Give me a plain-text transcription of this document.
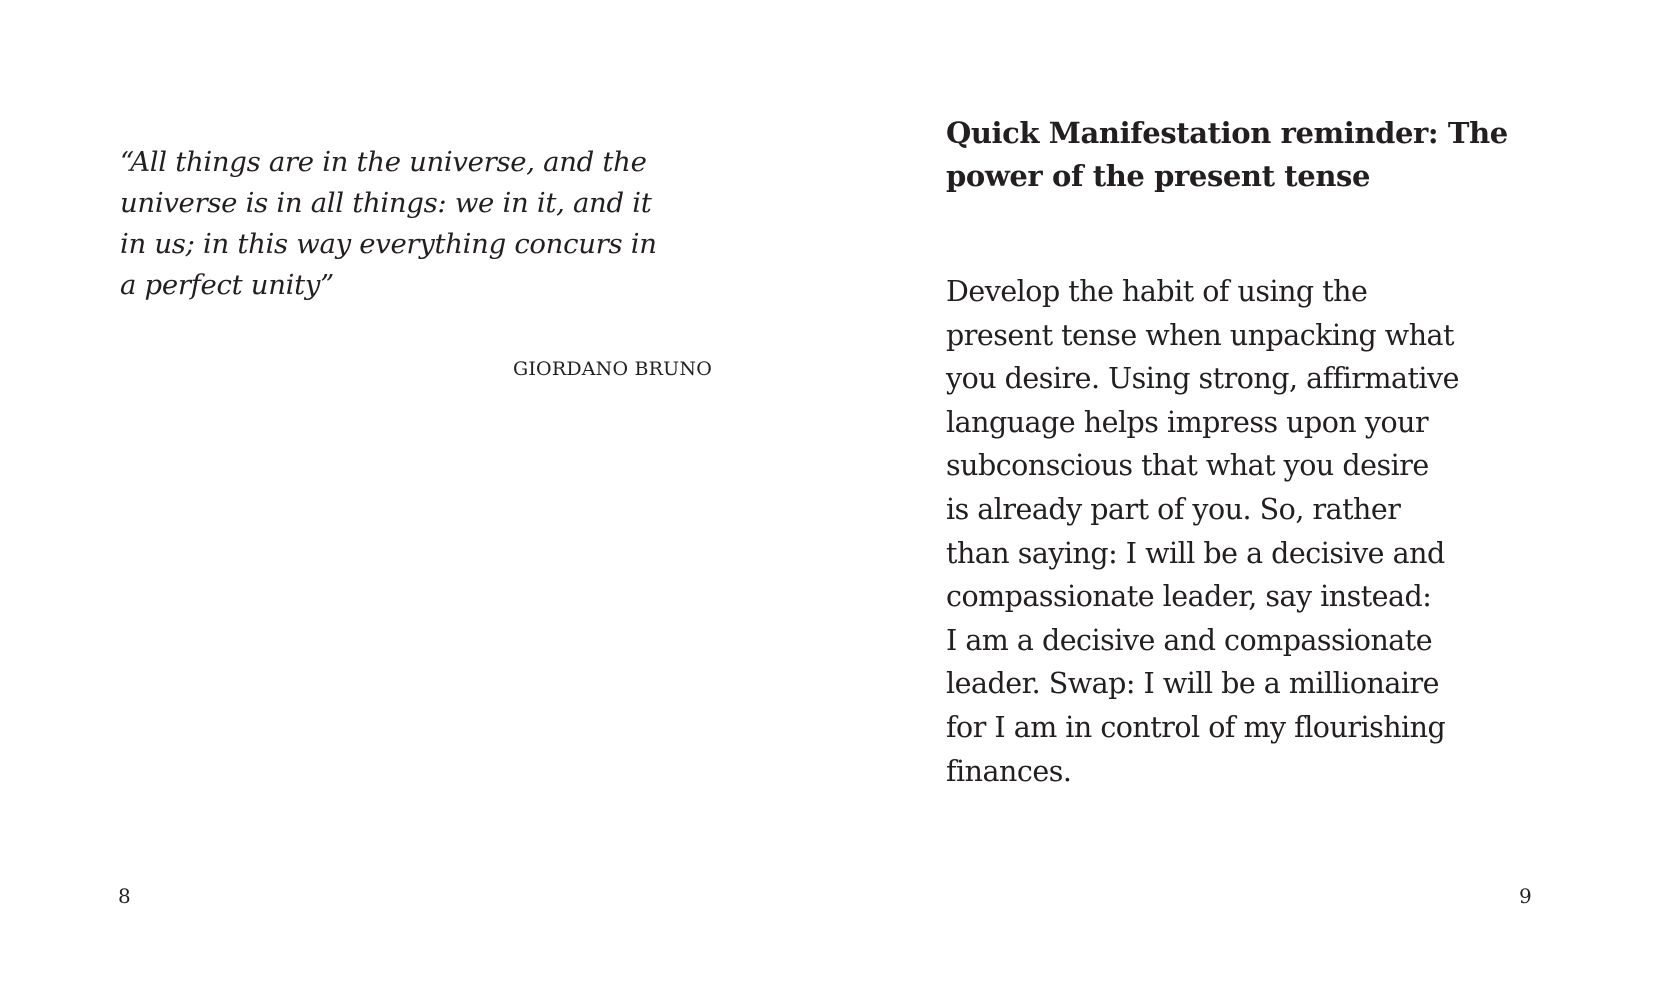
“All things are in the universe, and the
universe is in all things: we in it, and it
in us; in this way everything concurs in
a perfect unity”
GIORDANO BRUNO
8
Quick Manifestation reminder: The
power of the present tense

Develop the habit of using the
present tense when unpacking what
you desire. Using strong, affirmative
language helps impress upon your
subconscious that what you desire
is already part of you. So, rather
than saying: I will be a decisive and
compassionate leader, say instead:
I am a decisive and compassionate
leader. Swap: I will be a millionaire
for I am in control of my flourishing
finances.

9
